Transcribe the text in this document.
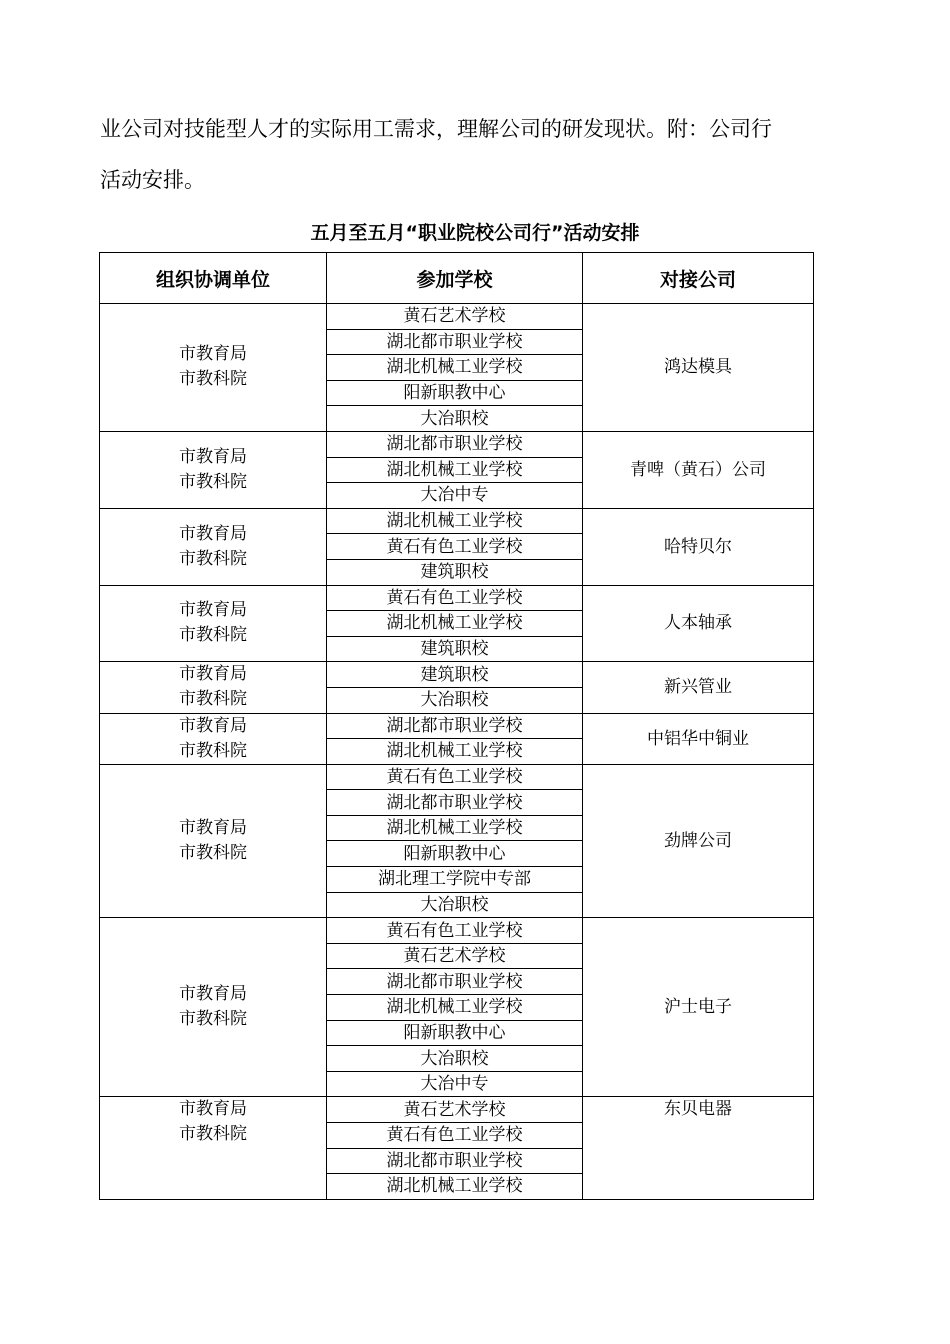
业公司对技能型人才的实际用工需求，理解公司的研发现状。附：公司行
活动安排。
五月至五月“职业院校公司行”活动安排
组织协调单位	参加学校	对接公司

市教育局
市教科院	黄石艺术学校	鸿达模具
	湖北都市职业学校	
	湖北机械工业学校	
	阳新职教中心	
	大冶职校	

市教育局
市教科院	湖北都市职业学校	青啤（黄石）公司
	湖北机械工业学校	
	大冶中专	

市教育局
市教科院	湖北机械工业学校	哈特贝尔
	黄石有色工业学校	
	建筑职校	

市教育局
市教科院	黄石有色工业学校	人本轴承
	湖北机械工业学校	
	建筑职校	

市教育局
市教科院	建筑职校	新兴管业
	大冶职校	

市教育局
市教科院	湖北都市职业学校	中铝华中铜业
	湖北机械工业学校	

市教育局
市教科院	黄石有色工业学校	劲牌公司
	湖北都市职业学校	
	湖北机械工业学校	
	阳新职教中心	
	湖北理工学院中专部	
	大冶职校	

市教育局
市教科院	黄石有色工业学校	沪士电子
	黄石艺术学校	
	湖北都市职业学校	
	湖北机械工业学校	
	阳新职教中心	
	大冶职校	
	大冶中专	

市教育局
市教科院	黄石艺术学校	东贝电器
	黄石有色工业学校	
	湖北都市职业学校	
	湖北机械工业学校	
